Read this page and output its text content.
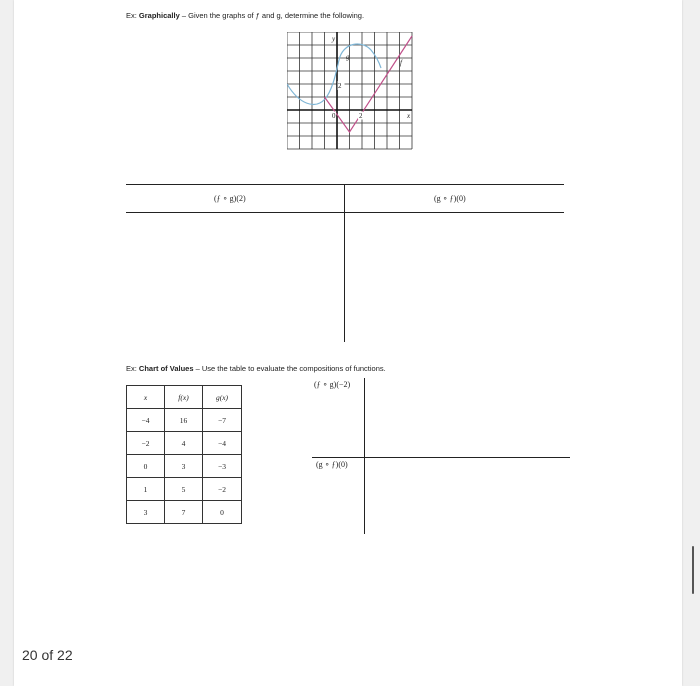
Ex: Graphically – Given the graphs of ƒ and g, determine the following.
y
x
0	2
2
g
f
(ƒ ∘ g)(2)	(g ∘ ƒ)(0)
Ex: Chart of Values – Use the table to evaluate the compositions of functions.
x	f(x)	g(x)
−4	16	−7
−2	4	−4
0	3	−3
1	5	−2
3	7	0
(ƒ ∘ g)(−2)
(g ∘ ƒ)(0)
20 of 22
